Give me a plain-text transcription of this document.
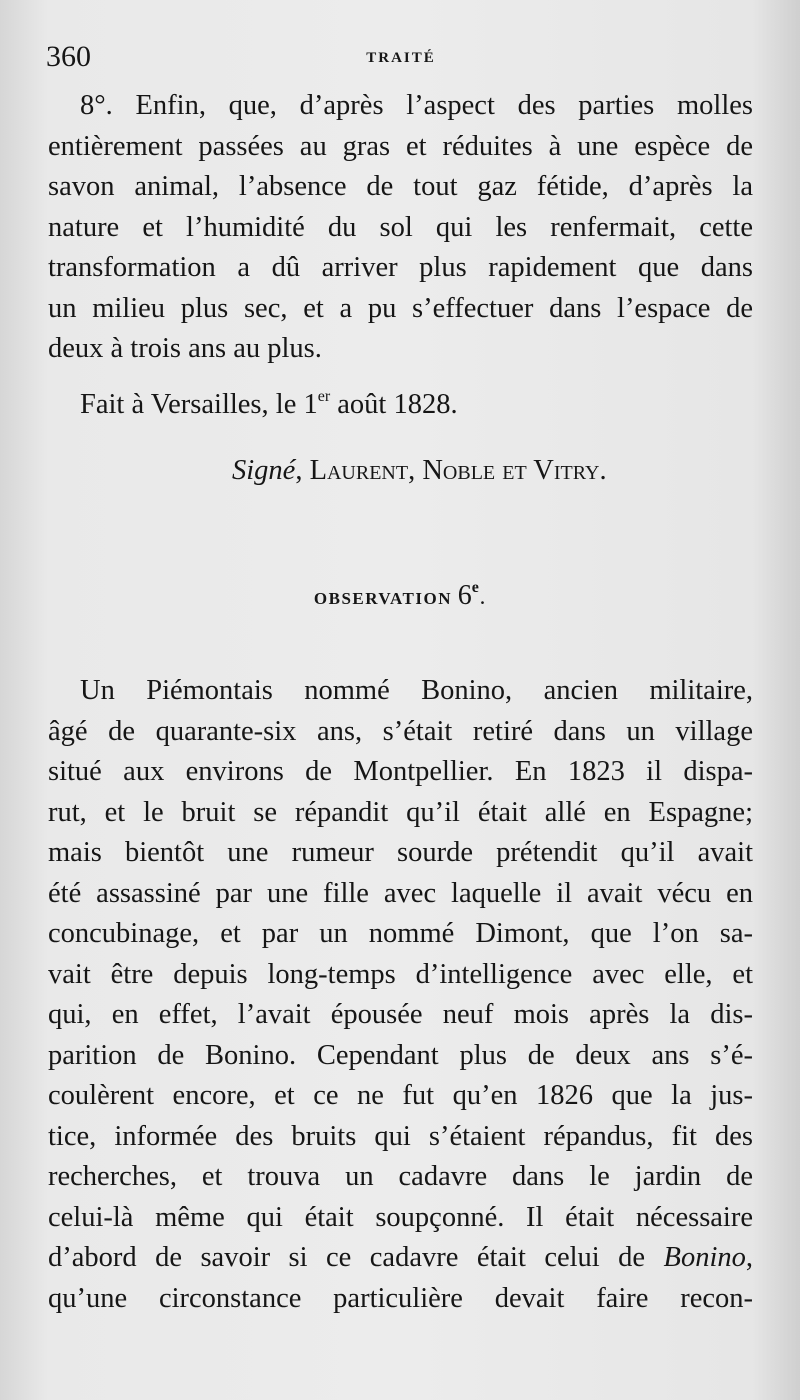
360	TRAITÉ

8°. Enfin, que, d’après l’aspect des parties molles

entièrement passées au gras et réduites à une espèce de

savon animal, l’absence de tout gaz fétide, d’après la

nature et l’humidité du sol qui les renfermait, cette

transformation a dû arriver plus rapidement que dans

un milieu plus sec, et a pu s’effectuer dans l’espace de

deux à trois ans au plus.

Fait à Versailles, le 1er août 1828.
Signé, Laurent, Noble et Vitry.
OBSERVATION 6e.

Un Piémontais nommé Bonino, ancien militaire,

âgé de quarante-six ans, s’était retiré dans un village

situé aux environs de Montpellier. En 1823 il dispa-

rut, et le bruit se répandit qu’il était allé en Espagne;

mais bientôt une rumeur sourde prétendit qu’il avait

été assassiné par une fille avec laquelle il avait vécu en

concubinage, et par un nommé Dimont, que l’on sa-

vait être depuis long-temps d’intelligence avec elle, et

qui, en effet, l’avait épousée neuf mois après la dis-

parition de Bonino. Cependant plus de deux ans s’é-

coulèrent encore, et ce ne fut qu’en 1826 que la jus-

tice, informée des bruits qui s’étaient répandus, fit des

recherches, et trouva un cadavre dans le jardin de

celui-là même qui était soupçonné. Il était nécessaire

d’abord de savoir si ce cadavre était celui de Bonino,

qu’une circonstance particulière devait faire recon-
